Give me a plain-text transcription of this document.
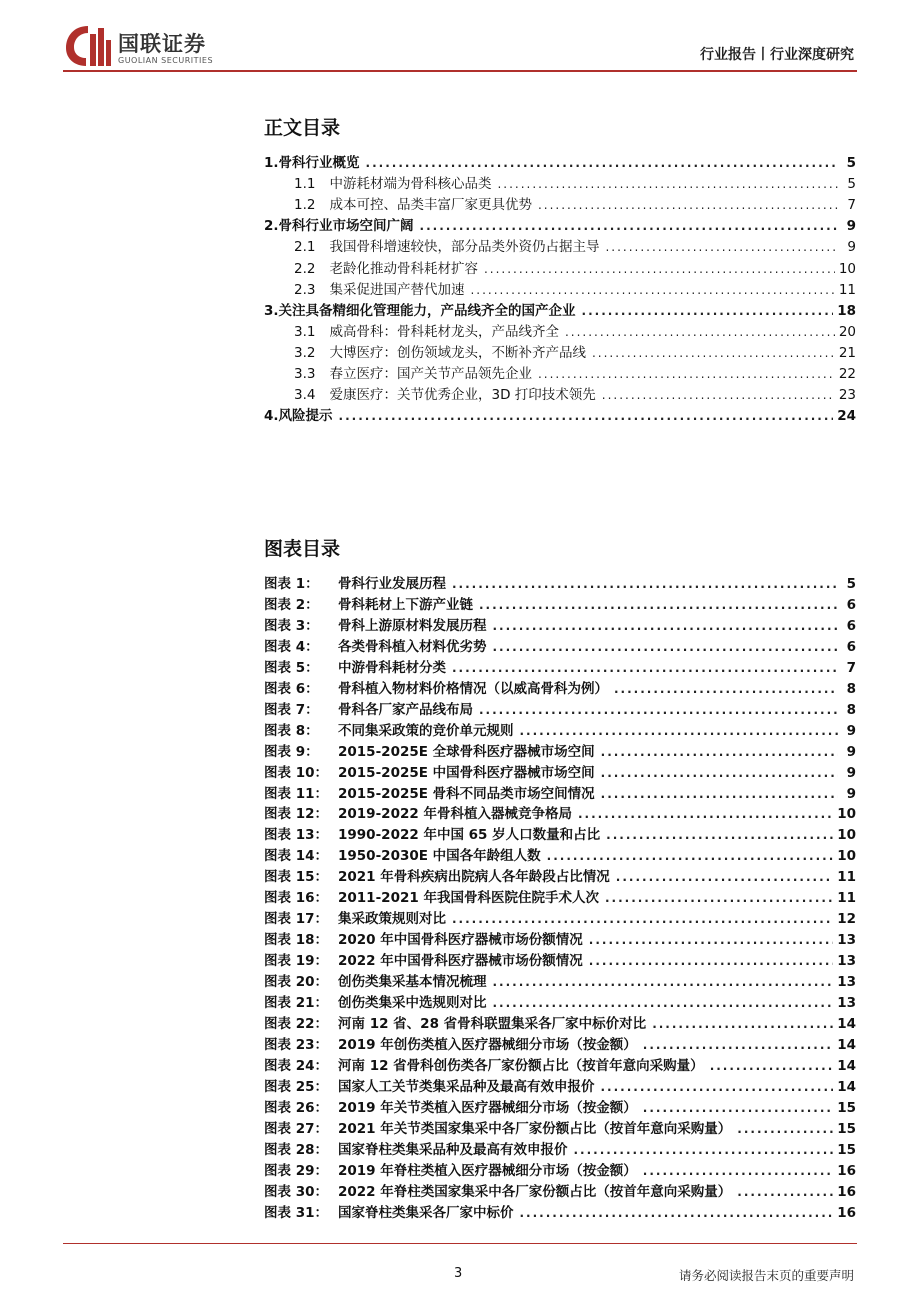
国联证券
GUOLIAN SECURITIES	行业报告丨行业深度研究
正文目录
1. 骨科行业概览 .....	5
1.1 中游耗材端为骨科核心品类 .....	5
1.2 成本可控、品类丰富厂家更具优势 .....	7
2. 骨科行业市场空间广阔 .....	9
2.1 我国骨科增速较快，部分品类外资仍占据主导 .....	9
2.2 老龄化推动骨科耗材扩容 .....	10
2.3 集采促进国产替代加速 .....	11
3. 关注具备精细化管理能力，产品线齐全的国产企业 .....	18
3.1 威高骨科：骨科耗材龙头，产品线齐全 .....	20
3.2 大博医疗：创伤领域龙头，不断补齐产品线 .....	21
3.3 春立医疗：国产关节产品领先企业 .....	22
3.4 爱康医疗：关节优秀企业，3D 打印技术领先 .....	23
4. 风险提示 .....	24
图表目录
图表 1：	骨科行业发展历程 .....	5
图表 2：	骨科耗材上下游产业链 .....	6
图表 3：	骨科上游原材料发展历程 .....	6
图表 4：	各类骨科植入材料优劣势 .....	6
图表 5：	中游骨科耗材分类 .....	7
图表 6：	骨科植入物材料价格情况（以威高骨科为例） .....	8
图表 7：	骨科各厂家产品线布局 .....	8
图表 8：	不同集采政策的竞价单元规则 .....	9
图表 9：	2015-2025E 全球骨科医疗器械市场空间 .....	9
图表 10： 2015-2025E 中国骨科医疗器械市场空间 .....	9
图表 11： 2015-2025E 骨科不同品类市场空间情况 .....	9
图表 12： 2019-2022 年骨科植入器械竞争格局 .....	10
图表 13： 1990-2022 年中国 65 岁人口数量和占比 .....	10
图表 14： 1950-2030E 中国各年龄组人数 .....	10
图表 15： 2021 年骨科疾病出院病人各年龄段占比情况 .....	11
图表 16： 2011-2021 年我国骨科医院住院手术人次 .....	11
图表 17： 集采政策规则对比 .....	12
图表 18： 2020 年中国骨科医疗器械市场份额情况 .....	13
图表 19： 2022 年中国骨科医疗器械市场份额情况 .....	13
图表 20： 创伤类集采基本情况梳理 .....	13
图表 21： 创伤类集采中选规则对比 .....	13
图表 22： 河南 12 省、28 省骨科联盟集采各厂家中标价对比 .....	14
图表 23： 2019 年创伤类植入医疗器械细分市场（按金额） .....	14
图表 24： 河南 12 省骨科创伤类各厂家份额占比（按首年意向采购量） .....	14
图表 25： 国家人工关节类集采品种及最高有效申报价 .....	14
图表 26： 2019 年关节类植入医疗器械细分市场（按金额） .....	15
图表 27： 2021 年关节类国家集采中各厂家份额占比（按首年意向采购量） .....	15
图表 28： 国家脊柱类集采品种及最高有效申报价 .....	15
图表 29： 2019 年脊柱类植入医疗器械细分市场（按金额） .....	16
图表 30： 2022 年脊柱类国家集采中各厂家份额占比（按首年意向采购量） .....	16
图表 31： 国家脊柱类集采各厂家中标价 .....	16
3	请务必阅读报告末页的重要声明
